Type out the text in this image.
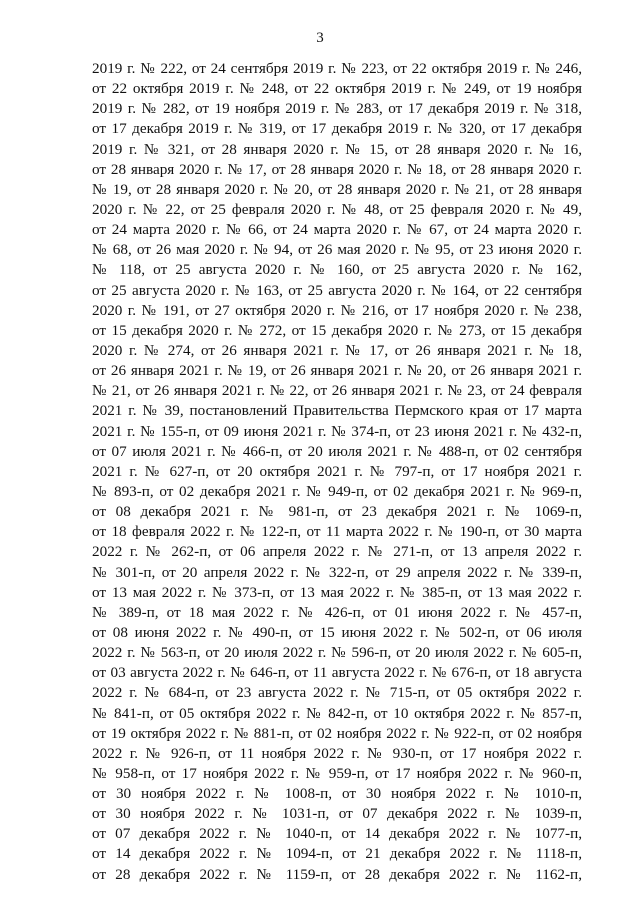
3
2019 г. № 222, от 24 сентября 2019 г. № 223, от 22 октября 2019 г. № 246,
от 22 октября 2019 г. № 248, от 22 октября 2019 г. № 249, от 19 ноября
2019 г. № 282, от 19 ноября 2019 г. № 283, от 17 декабря 2019 г. № 318,
от 17 декабря 2019 г. № 319, от 17 декабря 2019 г. № 320, от 17 декабря
2019 г. № 321, от 28 января 2020 г. № 15, от 28 января 2020 г. № 16,
от 28 января 2020 г. № 17, от 28 января 2020 г. № 18, от 28 января 2020 г.
№ 19, от 28 января 2020 г. № 20, от 28 января 2020 г. № 21, от 28 января
2020 г. № 22, от 25 февраля 2020 г. № 48, от 25 февраля 2020 г. № 49,
от 24 марта 2020 г. № 66, от 24 марта 2020 г. № 67, от 24 марта 2020 г.
№ 68, от 26 мая 2020 г. № 94, от 26 мая 2020 г. № 95, от 23 июня 2020 г.
№ 118, от 25 августа 2020 г. № 160, от 25 августа 2020 г. № 162,
от 25 августа 2020 г. № 163, от 25 августа 2020 г. № 164, от 22 сентября
2020 г. № 191, от 27 октября 2020 г. № 216, от 17 ноября 2020 г. № 238,
от 15 декабря 2020 г. № 272, от 15 декабря 2020 г. № 273, от 15 декабря
2020 г. № 274, от 26 января 2021 г. № 17, от 26 января 2021 г. № 18,
от 26 января 2021 г. № 19, от 26 января 2021 г. № 20, от 26 января 2021 г.
№ 21, от 26 января 2021 г. № 22, от 26 января 2021 г. № 23, от 24 февраля
2021 г. № 39, постановлений Правительства Пермского края от 17 марта
2021 г. № 155-п, от 09 июня 2021 г. № 374-п, от 23 июня 2021 г. № 432-п,
от 07 июля 2021 г. № 466-п, от 20 июля 2021 г. № 488-п, от 02 сентября
2021 г. № 627-п, от 20 октября 2021 г. № 797-п, от 17 ноября 2021 г.
№ 893-п, от 02 декабря 2021 г. № 949-п, от 02 декабря 2021 г. № 969-п,
от 08 декабря 2021 г. № 981-п, от 23 декабря 2021 г. № 1069-п,
от 18 февраля 2022 г. № 122-п, от 11 марта 2022 г. № 190-п, от 30 марта
2022 г. № 262-п, от 06 апреля 2022 г. № 271-п, от 13 апреля 2022 г.
№ 301-п, от 20 апреля 2022 г. № 322-п, от 29 апреля 2022 г. № 339-п,
от 13 мая 2022 г. № 373-п, от 13 мая 2022 г. № 385-п, от 13 мая 2022 г.
№ 389-п, от 18 мая 2022 г. № 426-п, от 01 июня 2022 г. № 457-п,
от 08 июня 2022 г. № 490-п, от 15 июня 2022 г. № 502-п, от 06 июля
2022 г. № 563-п, от 20 июля 2022 г. № 596-п, от 20 июля 2022 г. № 605-п,
от 03 августа 2022 г. № 646-п, от 11 августа 2022 г. № 676-п, от 18 августа
2022 г. № 684-п, от 23 августа 2022 г. № 715-п, от 05 октября 2022 г.
№ 841-п, от 05 октября 2022 г. № 842-п, от 10 октября 2022 г. № 857-п,
от 19 октября 2022 г. № 881-п, от 02 ноября 2022 г. № 922-п, от 02 ноября
2022 г. № 926-п, от 11 ноября 2022 г. № 930-п, от 17 ноября 2022 г.
№ 958-п, от 17 ноября 2022 г. № 959-п, от 17 ноября 2022 г. № 960-п,
от 30 ноября 2022 г. № 1008-п, от 30 ноября 2022 г. № 1010-п,
от 30 ноября 2022 г. № 1031-п, от 07 декабря 2022 г. № 1039-п,
от 07 декабря 2022 г. № 1040-п, от 14 декабря 2022 г. № 1077-п,
от 14 декабря 2022 г. № 1094-п, от 21 декабря 2022 г. № 1118-п,
от 28 декабря 2022 г. № 1159-п, от 28 декабря 2022 г. № 1162-п,
